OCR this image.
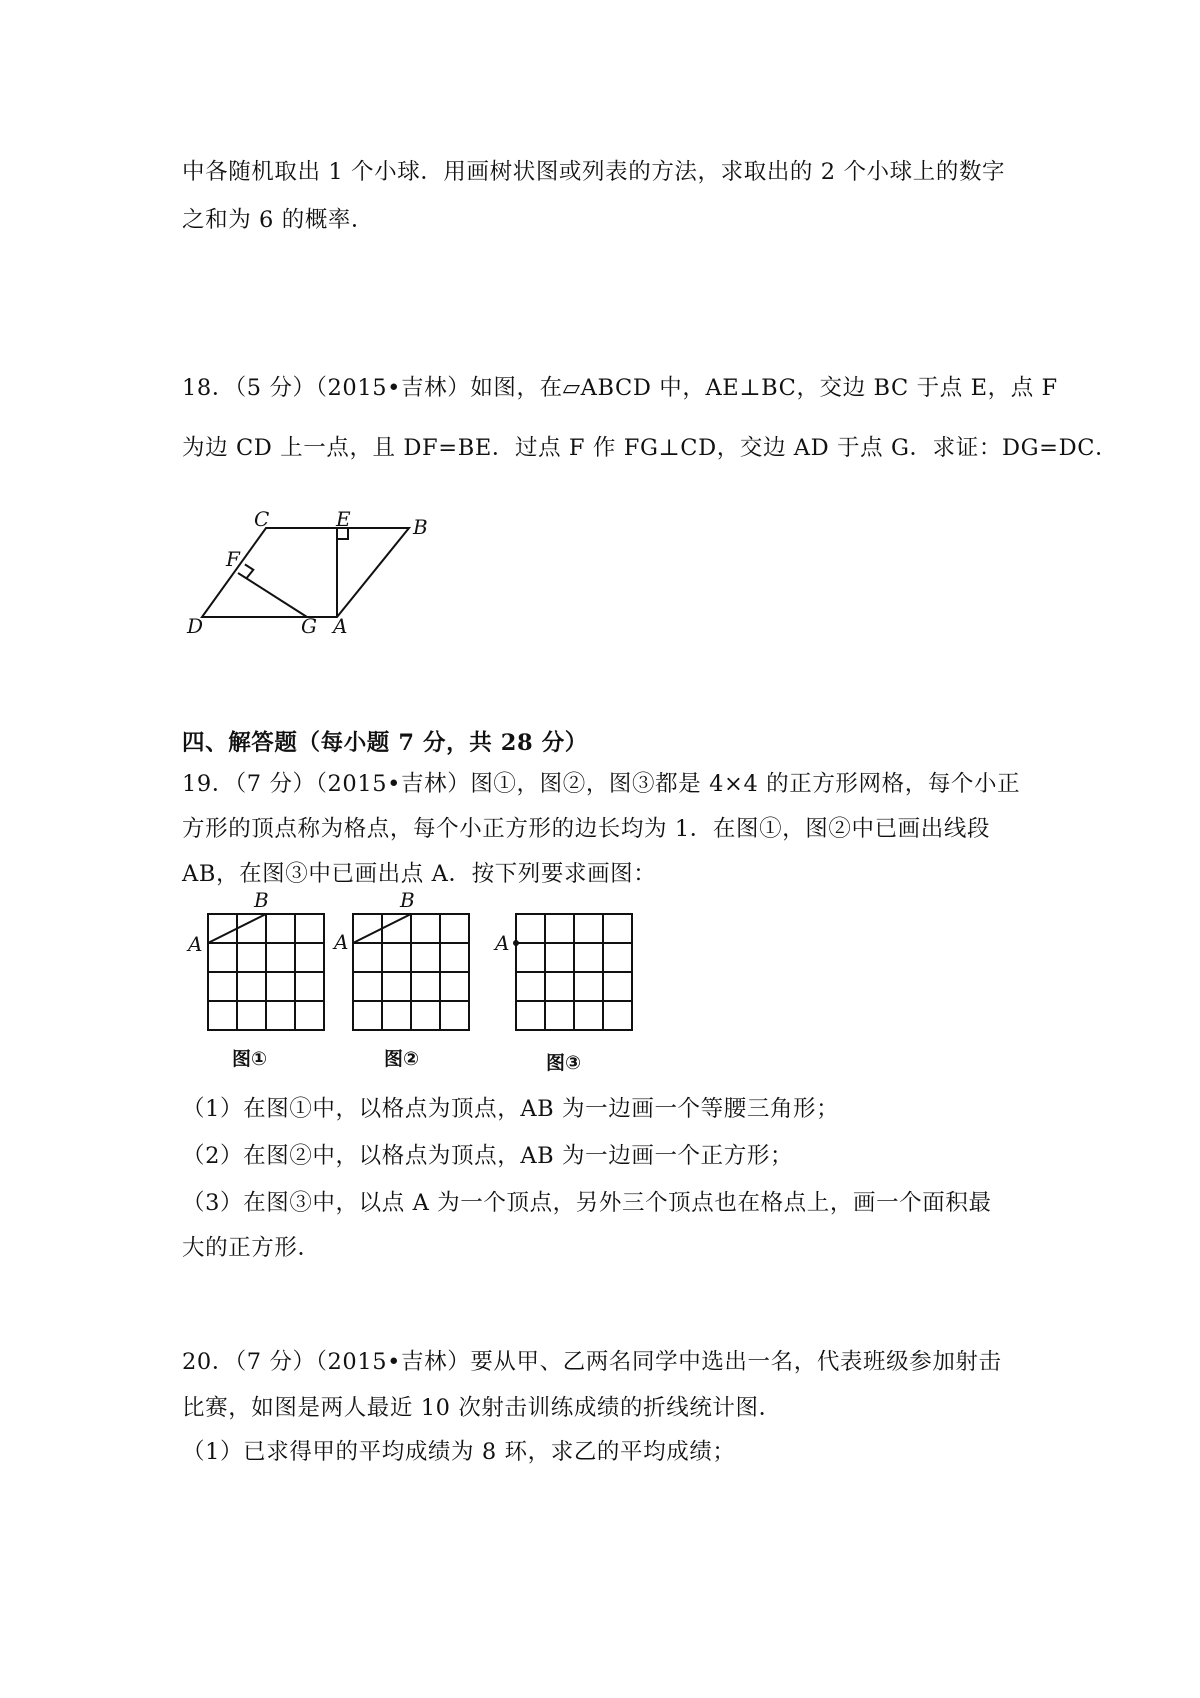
中各随机取出 1 个小球．用画树状图或列表的方法，求取出的 2 个小球上的数字
之和为 6 的概率．
18．（5 分）（2015•吉林）如图，在▱ABCD 中，AE⊥BC，交边 BC 于点 E，点 F
为边 CD 上一点，且 DF=BE．过点 F 作 FG⊥CD，交边 AD 于点 G．求证：DG=DC．
C	E	B
F
D	G A
四、解答题（每小题 7 分，共 28 分）
19．（7 分）（2015•吉林）图①，图②，图③都是 4×4 的正方形网格，每个小正
方形的顶点称为格点，每个小正方形的边长均为 1．在图①，图②中已画出线段
AB，在图③中已画出点 A．按下列要求画图：
A
B
图①
A
B
图②
A
图③
（1）在图①中，以格点为顶点，AB 为一边画一个等腰三角形；
（2）在图②中，以格点为顶点，AB 为一边画一个正方形；
（3）在图③中，以点 A 为一个顶点，另外三个顶点也在格点上，画一个面积最
大的正方形．
20．（7 分）（2015•吉林）要从甲、乙两名同学中选出一名，代表班级参加射击
比赛，如图是两人最近 10 次射击训练成绩的折线统计图．
（1）已求得甲的平均成绩为 8 环，求乙的平均成绩；
